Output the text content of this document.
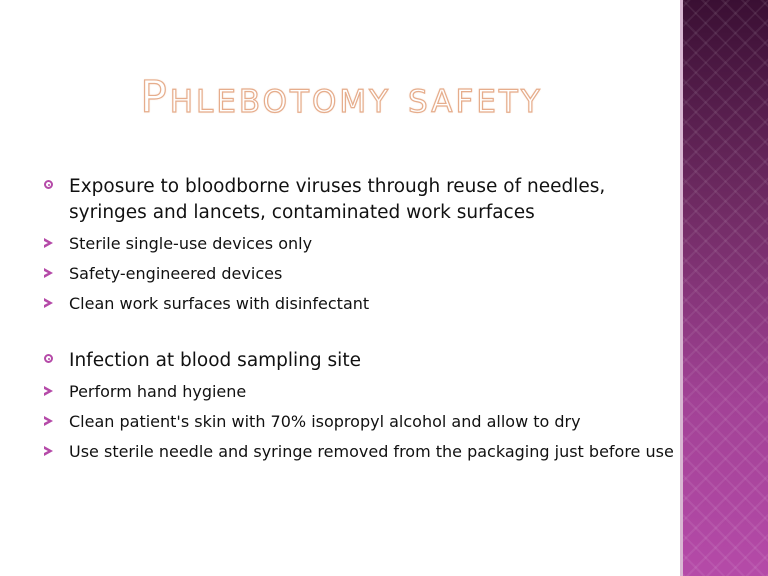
Phlebotomy safety
Exposure to bloodborne viruses through reuse of needles, syringes and lancets, contaminated work surfaces
Sterile single-use devices only
Safety-engineered devices
Clean work surfaces with disinfectant
Infection at blood sampling site
Perform hand hygiene
Clean patient's skin with 70% isopropyl alcohol and allow to dry
Use sterile needle and syringe removed from the packaging just before use
